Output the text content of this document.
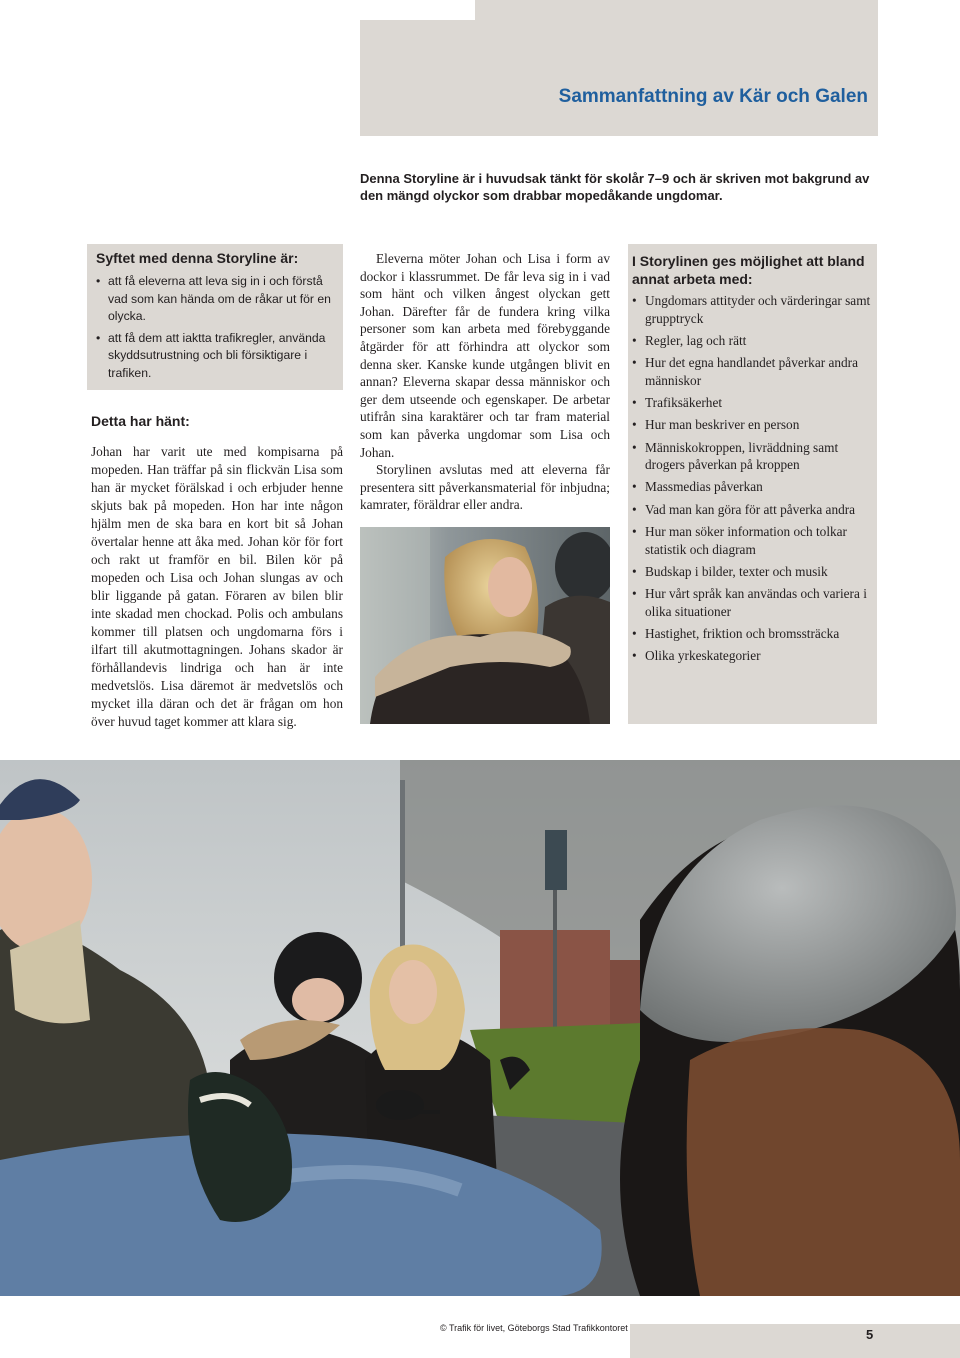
Sammanfattning av Kär och Galen

Denna Storyline är i huvudsak tänkt för skolår 7–9 och är skriven mot bakgrund av den mängd olyckor som drabbar mopedåkande ungdomar.

Syftet med denna Storyline är:
• att få eleverna att leva sig in i och förstå vad som kan hända om de råkar ut för en olycka.
• att få dem att iaktta trafikregler, använda skyddsutrustning och bli försiktigare i trafiken.
Detta har hänt:

Johan har varit ute med kompisarna på mopeden. Han träffar på sin flickvän Lisa som han är mycket förälskad i och erbjuder henne skjuts bak på mopeden. Hon har inte någon hjälm men de ska bara en kort bit så Johan övertalar henne att åka med. Johan kör för fort och rakt ut framför en bil. Bilen kör på mopeden och Lisa och Johan slungas av och blir liggande på gatan. Föraren av bilen blir inte skadad men chockad. Polis och ambulans kommer till platsen och ungdomarna förs i ilfart till akutmottagningen. Johans skador är förhållandevis lindriga och han är inte medvetslös. Lisa däremot är medvetslös och mycket illa däran och det är frågan om hon över huvud taget kommer att klara sig.

Eleverna möter Johan och Lisa i form av dockor i klassrummet. De får leva sig in i vad som hänt och vilken ångest olyckan gett Johan. Därefter får de fundera kring vilka personer som kan arbeta med förebyggande åtgärder för att förhindra att olyckor som denna sker. Kanske kunde utgången blivit en annan? Eleverna skapar dessa människor och ger dem utseende och egenskaper. De arbetar utifrån sina karaktärer och tar fram material som kan påverka ungdomar som Lisa och Johan.

Storylinen avslutas med att eleverna får presentera sitt påverkansmaterial för inbjudna; kamrater, föräldrar eller andra.

I Storylinen ges möjlighet att bland annat arbeta med:
• Ungdomars attityder och värderingar samt grupptryck
• Regler, lag och rätt
• Hur det egna handlandet påverkar andra människor
• Trafiksäkerhet
• Hur man beskriver en person
• Människokroppen, livräddning samt drogers påverkan på kroppen
• Massmedias påverkan
• Vad man kan göra för att påverka andra
• Hur man söker information och tolkar statistik och diagram
• Budskap i bilder, texter och musik
• Hur vårt språk kan användas och variera i olika situationer
• Hastighet, friktion och bromssträcka
• Olika yrkeskategorier

© Trafik för livet, Göteborgs Stad Trafikkontoret	5
